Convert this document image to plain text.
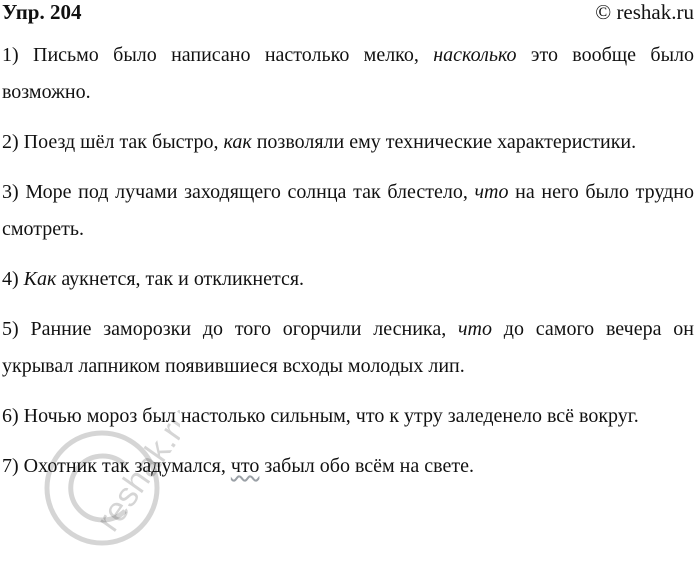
Упр. 204	© reshak.ru

1) Письмо было написано настолько мелко, насколько это вообще было возможно.

2) Поезд шёл так быстро, как позволяли ему технические характеристики.

3) Море под лучами заходящего солнца так блестело, что на него было трудно смотреть.

4) Как аукнется, так и откликнется.

5) Ранние заморозки до того огорчили лесника, что до самого вечера он укрывал лапником появившиеся всходы молодых лип.

6) Ночью мороз был настолько сильным, что к утру заледенело всё вокруг.

7) Охотник так задумался, что забыл обо всём на свете.

reshak.ru
